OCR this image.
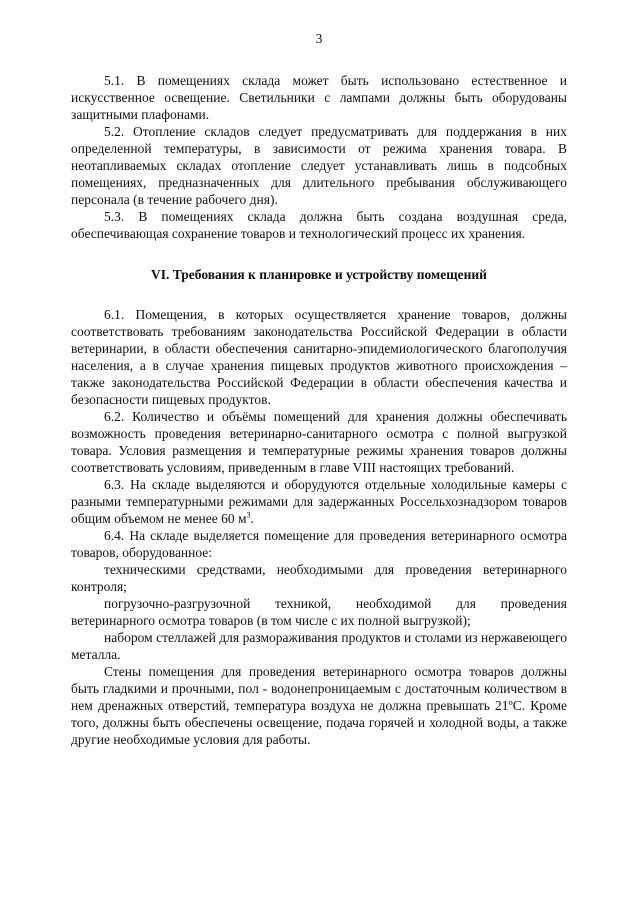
3

5.1. В помещениях склада может быть использовано естественное и искусственное освещение. Светильники с лампами должны быть оборудованы защитными плафонами.

5.2. Отопление складов следует предусматривать для поддержания в них определенной температуры, в зависимости от режима хранения товара. В неотапливаемых складах отопление следует устанавливать лишь в подсобных помещениях, предназначенных для длительного пребывания обслуживающего персонала (в течение рабочего дня).

5.3. В помещениях склада должна быть создана воздушная среда, обеспечивающая сохранение товаров и технологический процесс их хранения.

VI. Требования к планировке и устройству помещений

6.1. Помещения, в которых осуществляется хранение товаров, должны соответствовать требованиям законодательства Российской Федерации в области ветеринарии, в области обеспечения санитарно-эпидемиологического благополучия населения, а в случае хранения пищевых продуктов животного происхождения – также законодательства Российской Федерации в области обеспечения качества и безопасности пищевых продуктов.

6.2. Количество и объёмы помещений для хранения должны обеспечивать возможность проведения ветеринарно-санитарного осмотра с полной выгрузкой товара. Условия размещения и температурные режимы хранения товаров должны соответствовать условиям, приведенным в главе VIII настоящих требований.

6.3. На складе выделяются и оборудуются отдельные холодильные камеры с разными температурными режимами для задержанных Россельхознадзором товаров общим объемом не менее 60 $м^3$.

6.4. На складе выделяется помещение для проведения ветеринарного осмотра товаров, оборудованное:

техническими средствами, необходимыми для проведения ветеринарного контроля;

погрузочно-разгрузочной техникой, необходимой для проведения ветеринарного осмотра товаров (в том числе с их полной выгрузкой);

набором стеллажей для размораживания продуктов и столами из нержавеющего металла.

Стены помещения для проведения ветеринарного осмотра товаров должны быть гладкими и прочными, пол - водонепроницаемым с достаточным количеством в нем дренажных отверстий, температура воздуха не должна превышать 21ºС. Кроме того, должны быть обеспечены освещение, подача горячей и холодной воды, а также другие необходимые условия для работы.
